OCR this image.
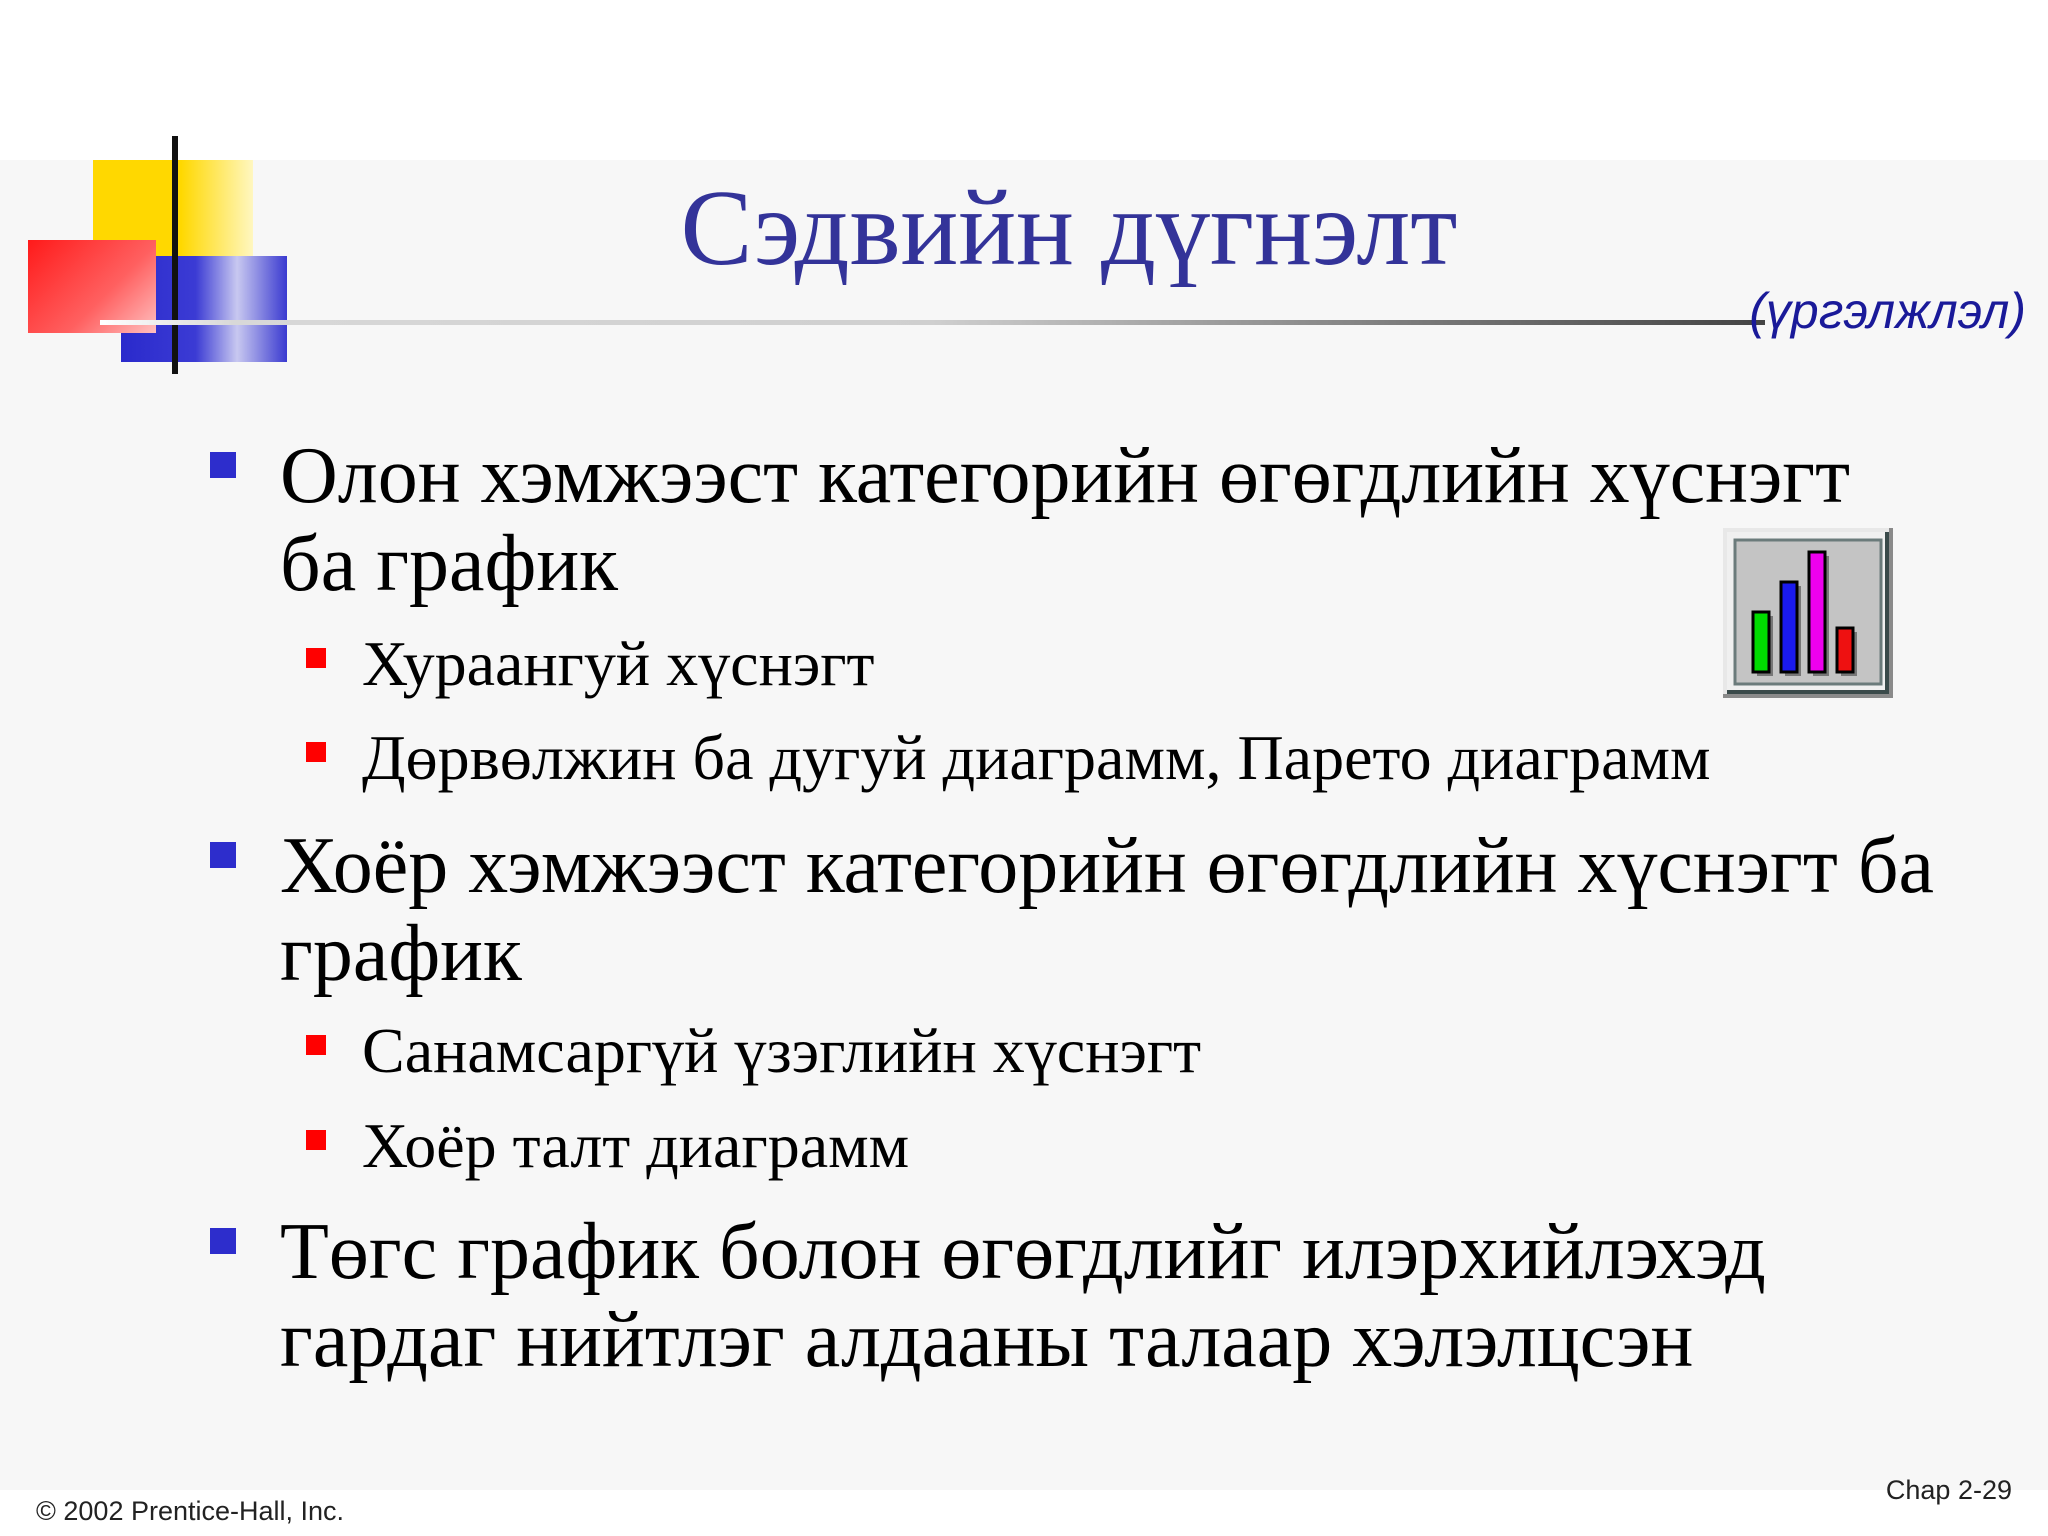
Сэдвийн дүгнэлт
(үргэлжлэл)
Олон хэмжээст категорийн өгөгдлийн хүснэгт ба график
Хураангуй хүснэгт
Дөрвөлжин ба дугуй диаграмм, Парето диаграмм
Хоёр хэмжээст категорийн өгөгдлийн хүснэгт ба график
Санамсаргүй үзэглийн хүснэгт
Хоёр талт диаграмм
Төгс график болон өгөгдлийг илэрхийлэхэд гардаг нийтлэг алдааны талаар хэлэлцсэн
© 2002 Prentice-Hall, Inc.
Chap 2-29
